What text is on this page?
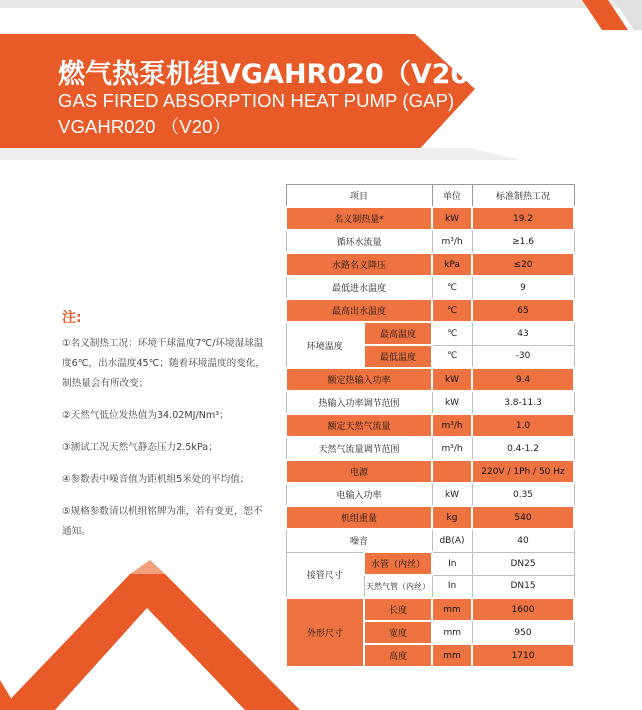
燃气热泵机组VGAHR020（V20）

GAS FIRED ABSORPTION HEAT PUMP (GAP)

VGAHR020 （V20）

注:

①名义制热工况：环境干球温度7℃/环境湿球温度6℃，出水温度45℃；随着环境温度的变化，制热量会有所改变；

②天然气低位发热值为34.02MJ/Nm³；

③测试工况天然气静态压力2.5kPa；

④参数表中噪音值为距机组5米处的平均值；

⑤规格参数请以机组铭牌为准，若有变更，恕不通知。

项目		单位	标准制热工况
名义制热量*		kW	19.2
循环水流量		m³/h	≥1.6
水路名义降压		kPa	≤20
最低进水温度		℃	9
最高出水温度		℃	65
环境温度	最高温度	℃	43
	最低温度	℃	-30
额定热输入功率		kW	9.4
热输入功率调节范围		kW	3.8-11.3
额定天然气流量		m³/h	1.0
天然气流量调节范围		m³/h	0.4-1.2
电源			220V / 1Ph / 50 Hz
电输入功率		kW	0.35
机组重量		kg	540
噪音		dB(A)	40
接管尺寸	水管（内丝）	In	DN25
	天然气管（内丝）	In	DN15
外形尺寸	长度	mm	1600
	宽度	mm	950
	高度	mm	1710
